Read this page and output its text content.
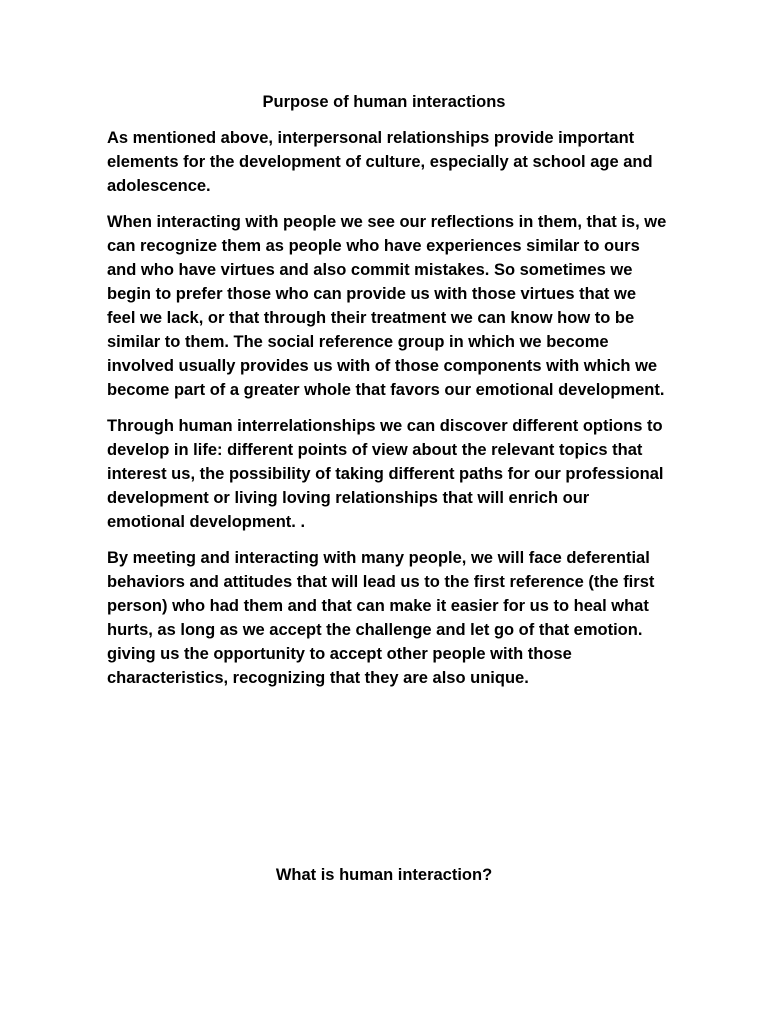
Purpose of human interactions

As mentioned above, interpersonal relationships provide important elements for the development of culture, especially at school age and adolescence.

When interacting with people we see our reflections in them, that is, we can recognize them as people who have experiences similar to ours and who have virtues and also commit mistakes. So sometimes we begin to prefer those who can provide us with those virtues that we feel we lack, or that through their treatment we can know how to be similar to them. The social reference group in which we become involved usually provides us with of those components with which we become part of a greater whole that favors our emotional development.

Through human interrelationships we can discover different options to develop in life: different points of view about the relevant topics that interest us, the possibility of taking different paths for our professional development or living loving relationships that will enrich our emotional development. .

By meeting and interacting with many people, we will face deferential behaviors and attitudes that will lead us to the first reference (the first person) who had them and that can make it easier for us to heal what hurts, as long as we accept the challenge and let go of that emotion. giving us the opportunity to accept other people with those characteristics, recognizing that they are also unique.

What is human interaction?
